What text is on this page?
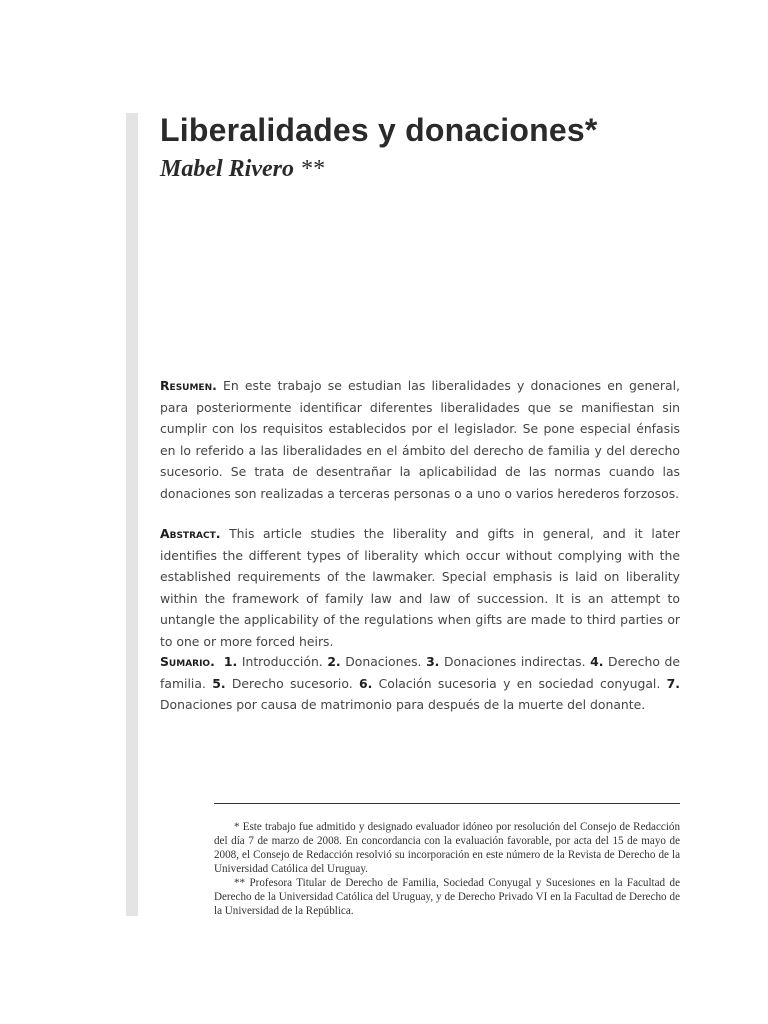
Liberalidades y donaciones*
Mabel Rivero **

Resumen. En este trabajo se estudian las liberalidades y donaciones en general, para posteriormente identificar diferentes liberalidades que se manifiestan sin cumplir con los requisitos establecidos por el legislador. Se pone especial énfasis en lo referido a las liberalidades en el ámbito del derecho de familia y del derecho sucesorio. Se trata de desentrañar la aplicabilidad de las normas cuando las donaciones son realizadas a terceras personas o a uno o varios herederos forzosos.

Abstract. This article studies the liberality and gifts in general, and it later identifies the different types of liberality which occur without complying with the established requirements of the lawmaker. Special emphasis is laid on liberality within the framework of family law and law of succession. It is an attempt to untangle the applicability of the regulations when gifts are made to third parties or to one or more forced heirs.

Sumario. 1. Introducción. 2. Donaciones. 3. Donaciones indirectas. 4. Derecho de familia. 5. Derecho sucesorio. 6. Colación sucesoria y en sociedad conyugal. 7. Donaciones por causa de matrimonio para después de la muerte del donante.

* Este trabajo fue admitido y designado evaluador idóneo por resolución del Consejo de Redacción del día 7 de marzo de 2008. En concordancia con la evaluación favorable, por acta del 15 de mayo de 2008, el Consejo de Redacción resolvió su incorporación en este número de la Revista de Derecho de la Universidad Católica del Uruguay.

** Profesora Titular de Derecho de Familia, Sociedad Conyugal y Sucesiones en la Facultad de Derecho de la Universidad Católica del Uruguay, y de Derecho Privado VI en la Facultad de Derecho de la Universidad de la República.
